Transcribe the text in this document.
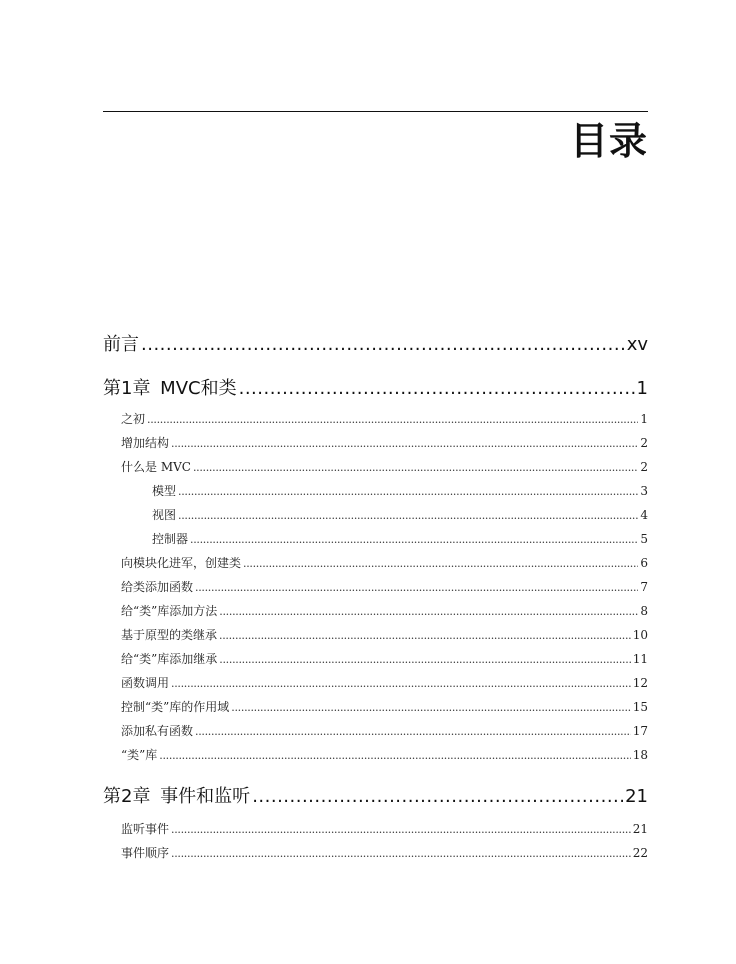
目录
前言 .....	xv
第1章 MVC和类 .....	1
之初 .....	1
增加结构 .....	2
什么是 MVC .....	2
模型 .....	3
视图 .....	4
控制器 .....	5
向模块化进军，创建类 .....	6
给类添加函数 .....	7
给“类”库添加方法 .....	8
基于原型的类继承 .....	10
给“类”库添加继承 .....	11
函数调用 .....	12
控制“类”库的作用域 .....	15
添加私有函数 .....	17
“类”库 .....	18
第2章 事件和监听 .....	21
监听事件 .....	21
事件顺序 .....	22
